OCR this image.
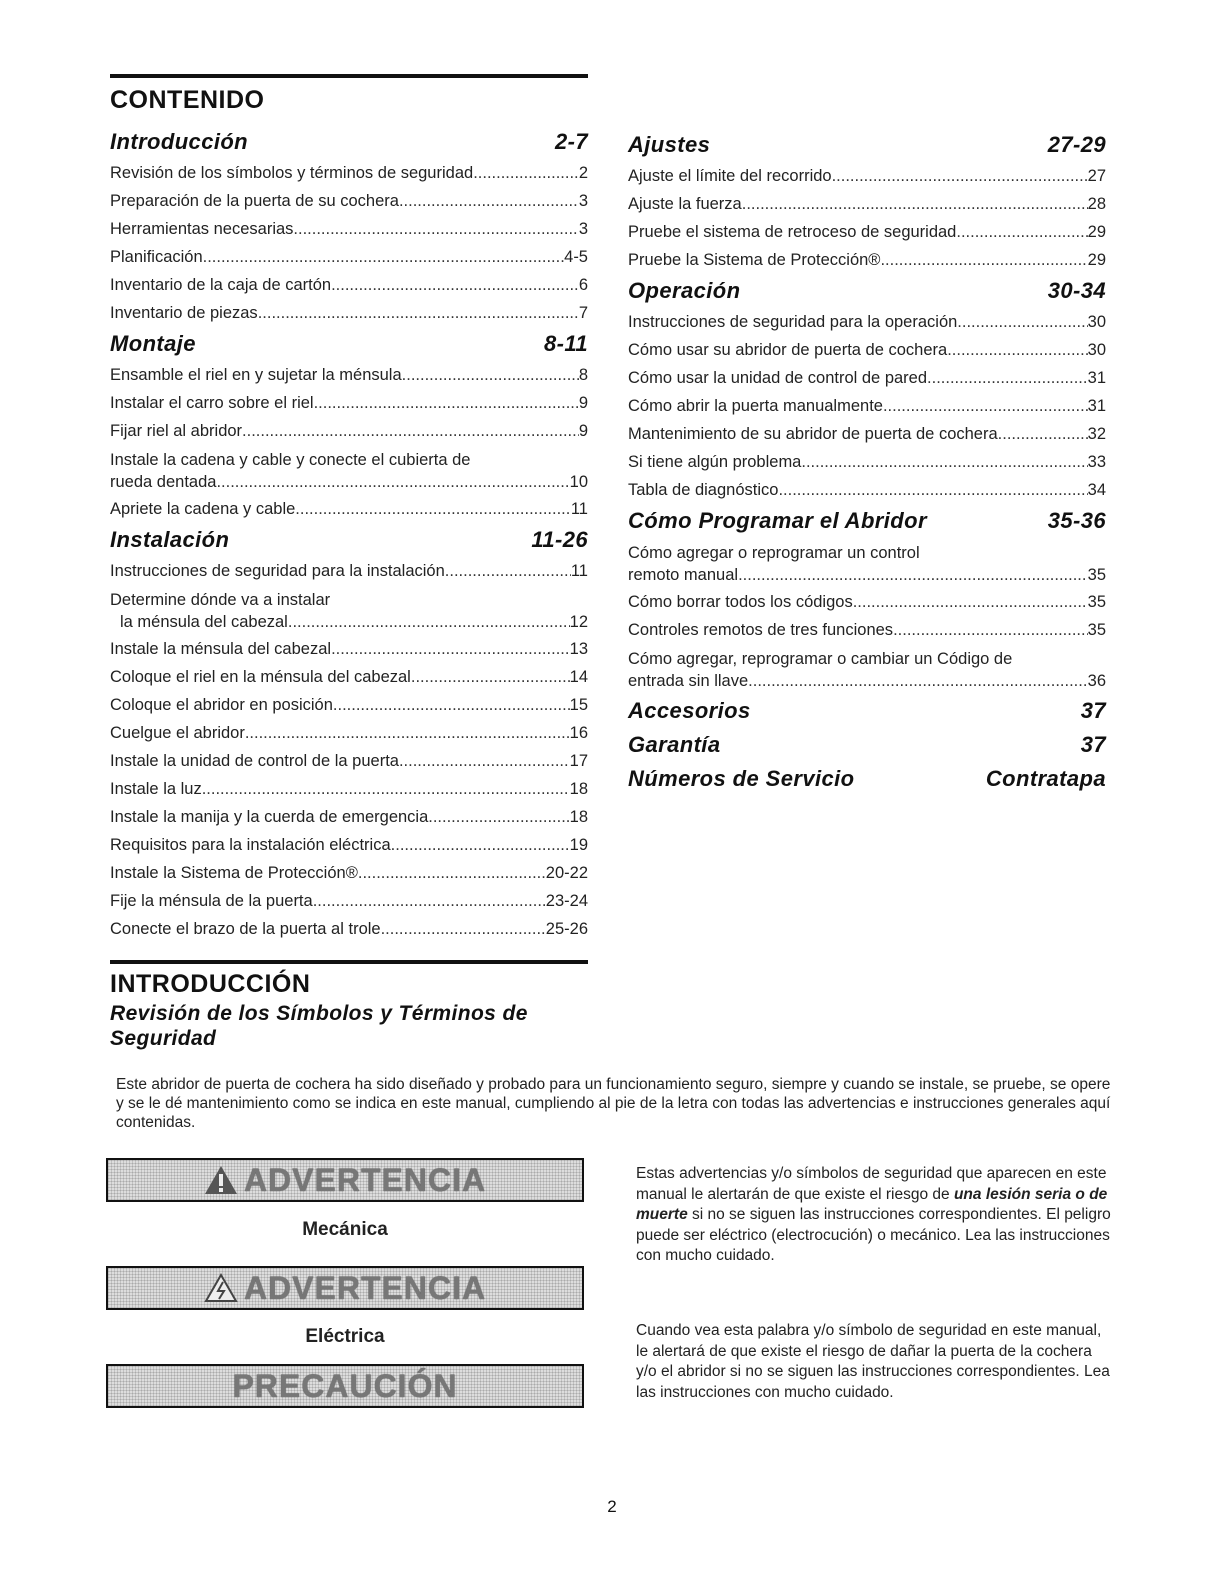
CONTENIDO
Introducción	2-7
Revisión de los símbolos y términos de seguridad .....	2
Preparación de la puerta de su cochera .....	3
Herramientas necesarias .....	3
Planificación .....	4-5
Inventario de la caja de cartón .....	6
Inventario de piezas .....	7
Montaje	8-11
Ensamble el riel en y sujetar la ménsula .....	8
Instalar el carro sobre el riel .....	9
Fijar riel al abridor .....	9
Instale la cadena y cable y conecte el cubierta de
rueda dentada .....	10
Apriete la cadena y cable .....	11
Instalación	11-26
Instrucciones de seguridad para la instalación .....	11
Determine dónde va a instalar
la ménsula del cabezal .....	12
Instale la ménsula del cabezal .....	13
Coloque el riel en la ménsula del cabezal .....	14
Coloque el abridor en posición .....	15
Cuelgue el abridor .....	16
Instale la unidad de control de la puerta .....	17
Instale la luz .....	18
Instale la manija y la cuerda de emergencia .....	18
Requisitos para la instalación eléctrica .....	19
Instale la Sistema de Protección® .....	20-22
Fije la ménsula de la puerta .....	23-24
Conecte el brazo de la puerta al trole .....	25-26
Ajustes	27-29
Ajuste el límite del recorrido .....	27
Ajuste la fuerza .....	28
Pruebe el sistema de retroceso de seguridad .....	29
Pruebe la Sistema de Protección® .....	29
Operación	30-34
Instrucciones de seguridad para la operación .....	30
Cómo usar su abridor de puerta de cochera .....	30
Cómo usar la unidad de control de pared .....	31
Cómo abrir la puerta manualmente .....	31
Mantenimiento de su abridor de puerta de cochera .....	32
Si tiene algún problema .....	33
Tabla de diagnóstico .....	34
Cómo Programar el Abridor	35-36
Cómo agregar o reprogramar un control
remoto manual .....	35
Cómo borrar todos los códigos .....	35
Controles remotos de tres funciones .....	35
Cómo agregar, reprogramar o cambiar un Código de
entrada sin llave .....	36
Accesorios	37
Garantía	37
Números de Servicio	Contratapa
INTRODUCCIÓN
Revisión de los Símbolos y Términos de Seguridad
Este abridor de puerta de cochera ha sido diseñado y probado para un funcionamiento seguro, siempre y cuando se instale, se pruebe, se opere y se le dé mantenimiento como se indica en este manual, cumpliendo al pie de la letra con todas las advertencias e instrucciones generales aquí contenidas.
ADVERTENCIA
Mecánica
ADVERTENCIA
Eléctrica
PRECAUCIÓN
Estas advertencias y/o símbolos de seguridad que aparecen en este manual le alertarán de que existe el riesgo de una lesión seria o de muerte si no se siguen las instrucciones correspondientes. El peligro puede ser eléctrico (electrocución) o mecánico. Lea las instrucciones con mucho cuidado.
Cuando vea esta palabra y/o símbolo de seguridad en este manual, le alertará de que existe el riesgo de dañar la puerta de la cochera y/o el abridor si no se siguen las instrucciones correspondientes. Lea las instrucciones con mucho cuidado.
2
